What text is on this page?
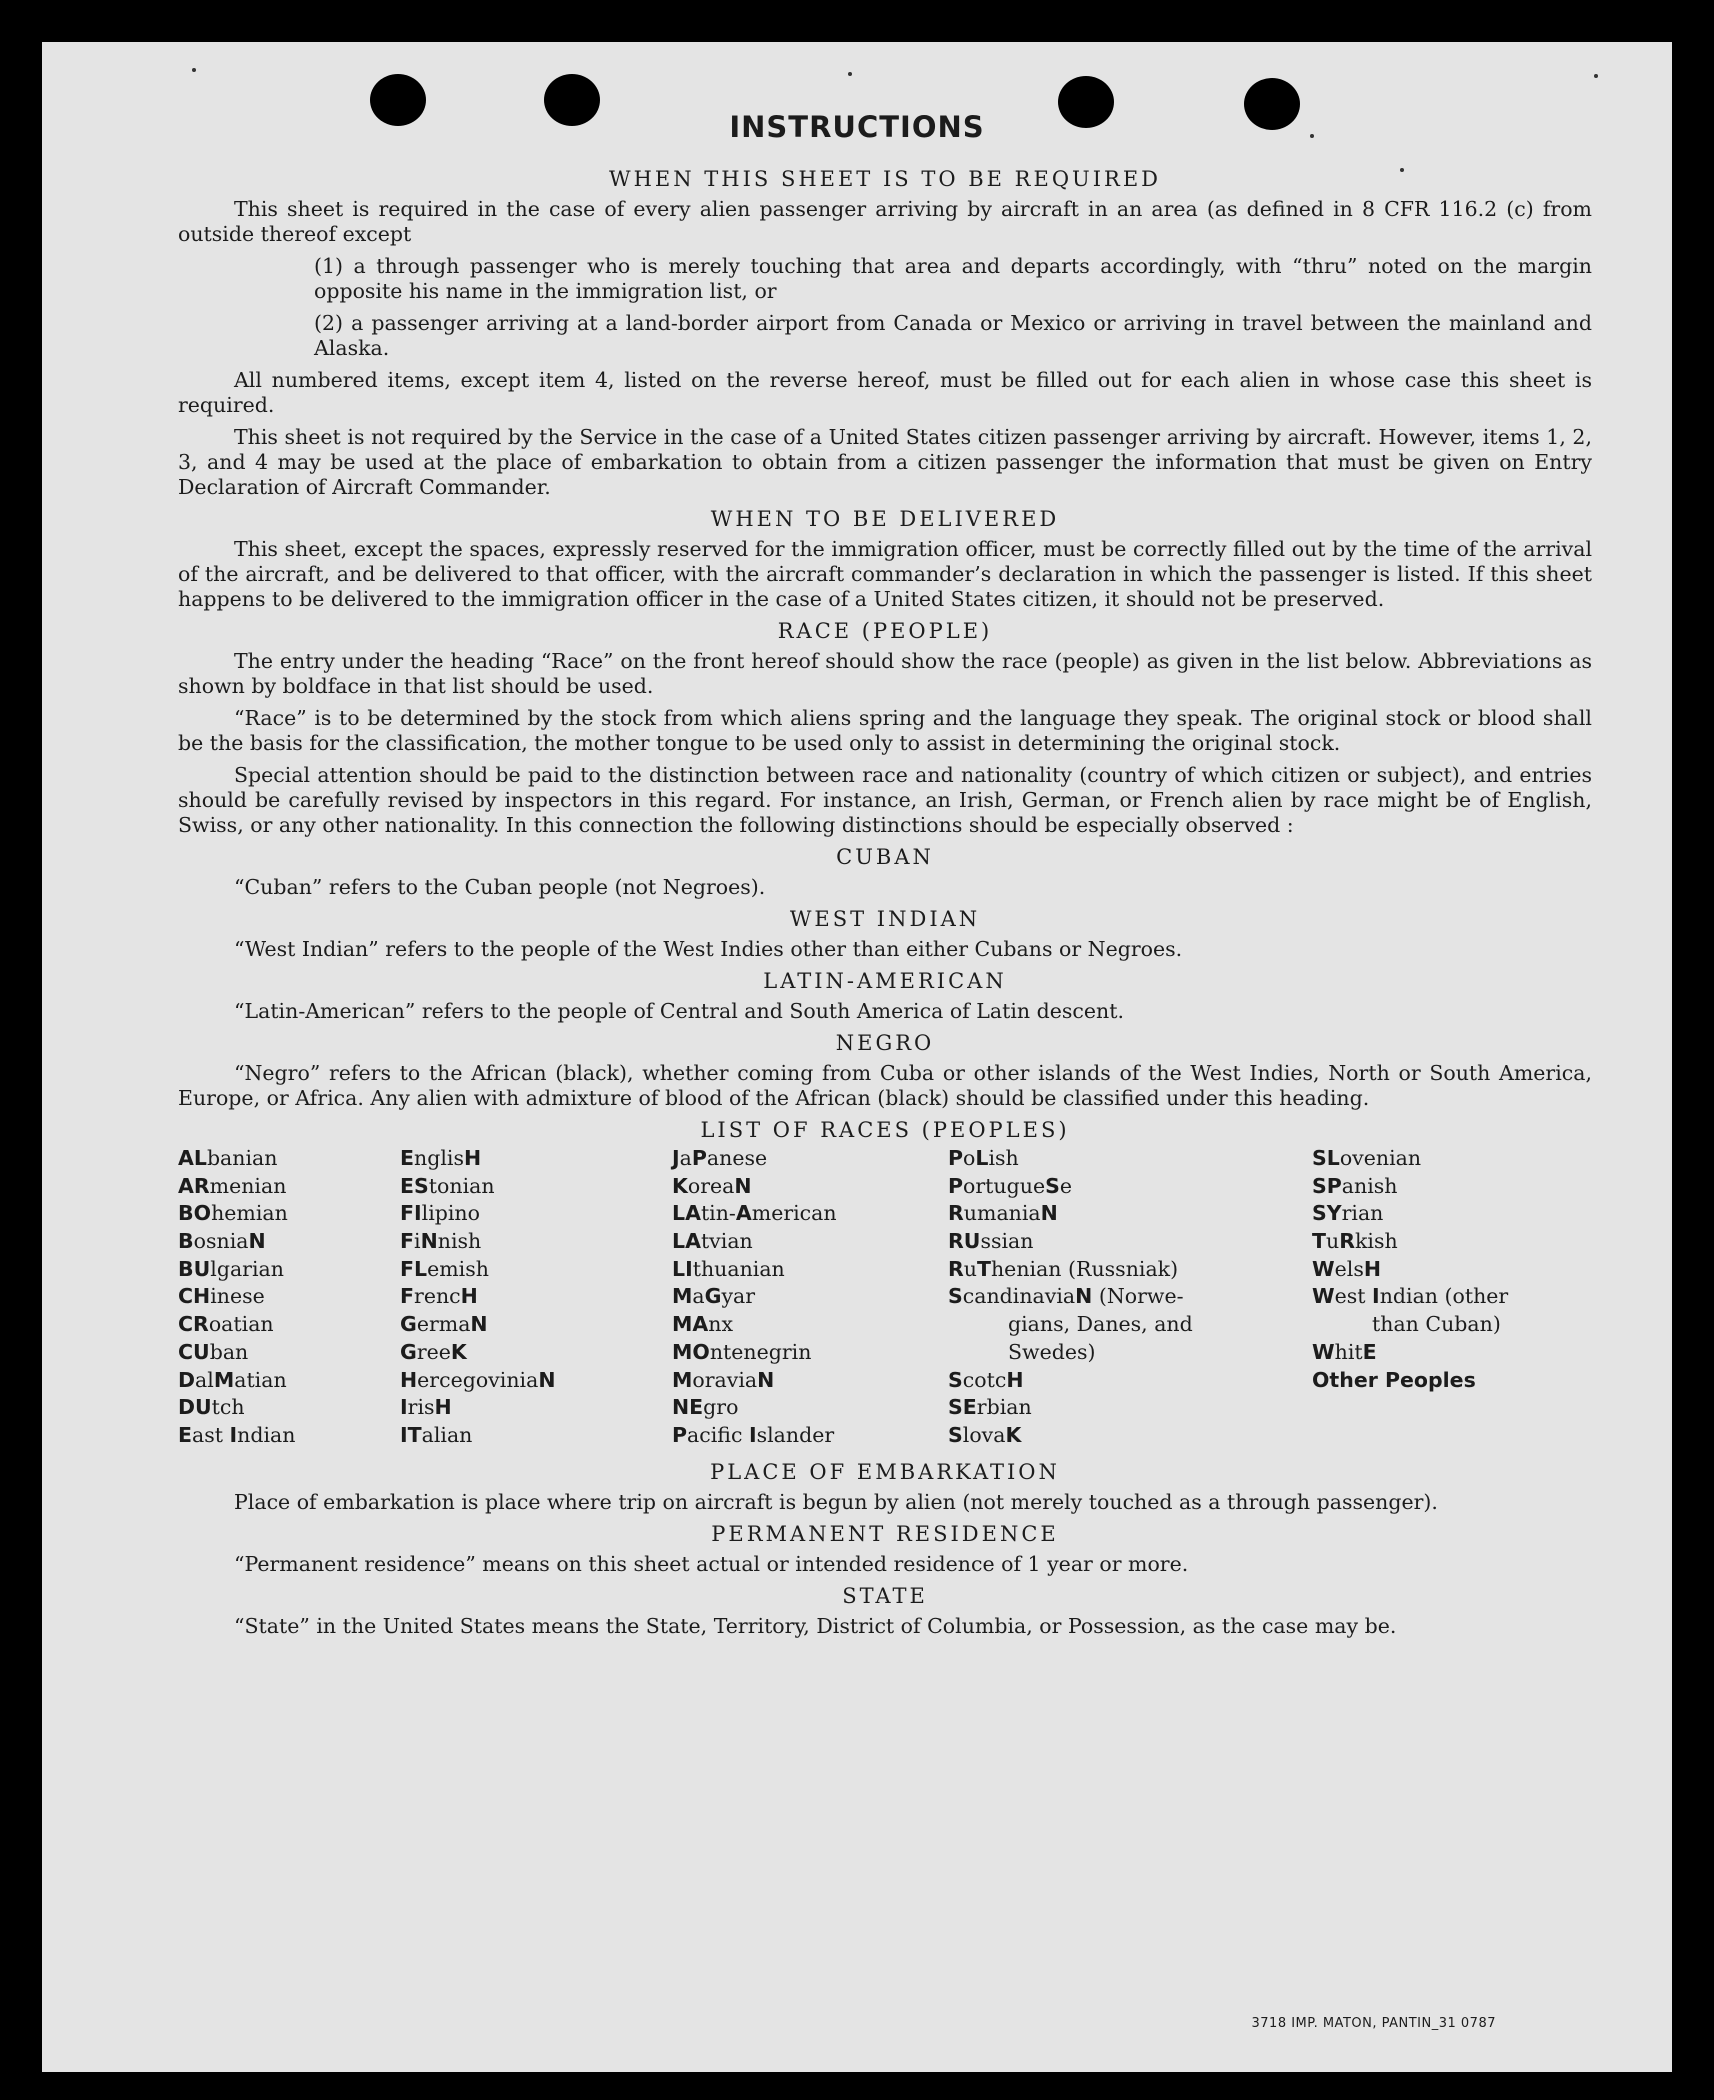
INSTRUCTIONS
WHEN THIS SHEET IS TO BE REQUIRED

This sheet is required in the case of every alien passenger arriving by aircraft in an area (as defined in 8 CFR 116.2 (c) from outside thereof except

(1) a through passenger who is merely touching that area and departs accordingly, with “thru” noted on the margin opposite his name in the immigration list, or

(2) a passenger arriving at a land-border airport from Canada or Mexico or arriving in travel between the mainland and Alaska.

All numbered items, except item 4, listed on the reverse hereof, must be filled out for each alien in whose case this sheet is required.

This sheet is not required by the Service in the case of a United States citizen passenger arriving by aircraft. However, items 1, 2, 3, and 4 may be used at the place of embarkation to obtain from a citizen passenger the information that must be given on Entry Declaration of Aircraft Commander.

WHEN TO BE DELIVERED

This sheet, except the spaces, expressly reserved for the immigration officer, must be correctly filled out by the time of the arrival of the aircraft, and be delivered to that officer, with the aircraft commander’s declaration in which the passenger is listed. If this sheet happens to be delivered to the immigration officer in the case of a United States citizen, it should not be preserved.

RACE (PEOPLE)

The entry under the heading “Race” on the front hereof should show the race (people) as given in the list below. Abbreviations as shown by boldface in that list should be used.

“Race” is to be determined by the stock from which aliens spring and the language they speak. The original stock or blood shall be the basis for the classification, the mother tongue to be used only to assist in determining the original stock.

Special attention should be paid to the distinction between race and nationality (country of which citizen or subject), and entries should be carefully revised by inspectors in this regard. For instance, an Irish, German, or French alien by race might be of English, Swiss, or any other nationality. In this connection the following distinctions should be especially observed :

CUBAN

“Cuban” refers to the Cuban people (not Negroes).

WEST INDIAN

“West Indian” refers to the people of the West Indies other than either Cubans or Negroes.

LATIN-AMERICAN

“Latin-American” refers to the people of Central and South America of Latin descent.

NEGRO

“Negro” refers to the African (black), whether coming from Cuba or other islands of the West Indies, North or South America, Europe, or Africa. Any alien with admixture of blood of the African (black) should be classified under this heading.

LIST OF RACES (PEOPLES)
ALbanian
ARmenian
BOhemian
BosniaN
BUlgarian
CHinese
CRoatian
CUban
DalMatian
DUtch
East Indian
EnglisH
EStonian
FIlipino
FiNnish
FLemish
FrencH
GermaN
GreeK
HercegoviniaN
IrisH
ITalian
JaPanese
KoreaN
LAtin-American
LAtvian
LIthuanian
MaGyar
MAnx
MOntenegrin
MoraviaN
NEgro
Pacific Islander
PoLish
PortugueSe
RumaniaN
RUssian
RuThenian (Russniak)
ScandinaviaN (Norwe-
gians, Danes, and
Swedes)
ScotcH
SErbian
SlovaK
SLovenian
SPanish
SYrian
TuRkish
WelsH
West Indian (other
than Cuban)
WhitE
Other Peoples
PLACE OF EMBARKATION

Place of embarkation is place where trip on aircraft is begun by alien (not merely touched as a through passenger).

PERMANENT RESIDENCE

“Permanent residence” means on this sheet actual or intended residence of 1 year or more.

STATE

“State” in the United States means the State, Territory, District of Columbia, or Possession, as the case may be.

3718 IMP. MATON, PANTIN_31 0787
